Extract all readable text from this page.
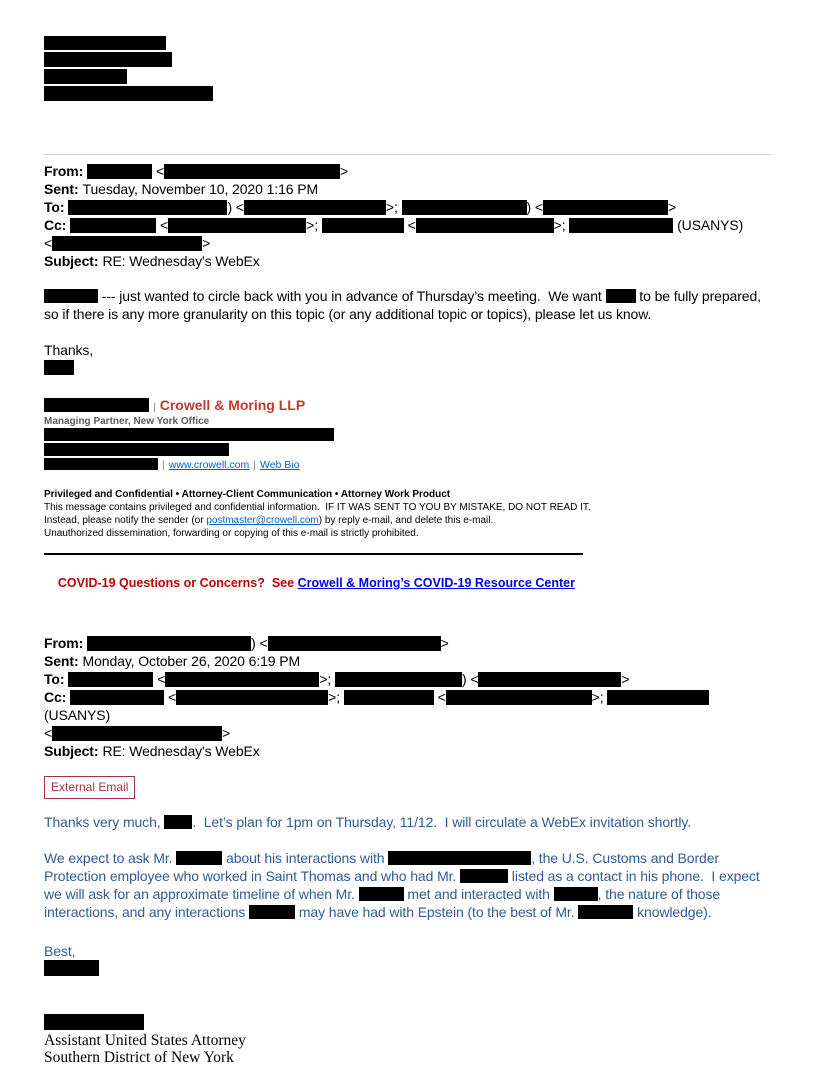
From:	<	>
Sent: Tuesday, November 10, 2020 1:16 PM
To:	) <	>;	) <	>
Cc:	<	>;	<	>;	(USANYS)
<	>
Subject: RE: Wednesday's WebEx

--- just wanted to circle back with you in advance of Thursday’s meeting.  We want  to be fully prepared, so if there is any more granularity on this topic (or any additional topic or topics), please let us know.

Thanks,

| Crowell & Moring LLP
Managing Partner, New York Office
| www.crowell.com | Web Bio
Privileged and Confidential • Attorney-Client Communication • Attorney Work Product
This message contains privileged and confidential information.  IF IT WAS SENT TO YOU BY MISTAKE, DO NOT READ IT.
Instead, please notify the sender (or postmaster@crowell.com) by reply e-mail, and delete this e-mail.
Unauthorized dissemination, forwarding or copying of this e-mail is strictly prohibited.

COVID-19 Questions or Concerns?  See Crowell & Moring’s COVID-19 Resource Center

From:	) <	>
Sent: Monday, October 26, 2020 6:19 PM
To:	<	>;	) <	>
Cc:	<	>;	<	>;	(USANYS)
<	>
Subject: RE: Wednesday's WebEx
External Email

Thanks very much, .  Let’s plan for 1pm on Thursday, 11/12.  I will circulate a WebEx invitation shortly.

We expect to ask Mr.	about his interactions with	, the U.S. Customs and Border Protection employee who worked in Saint Thomas and who had Mr.	listed as a contact in his phone.  I expect we will ask for an approximate timeline of when Mr.	met and interacted with	, the nature of those interactions, and any interactions	may have had with Epstein (to the best of Mr.	knowledge).

Best,

Assistant United States Attorney
Southern District of New York
